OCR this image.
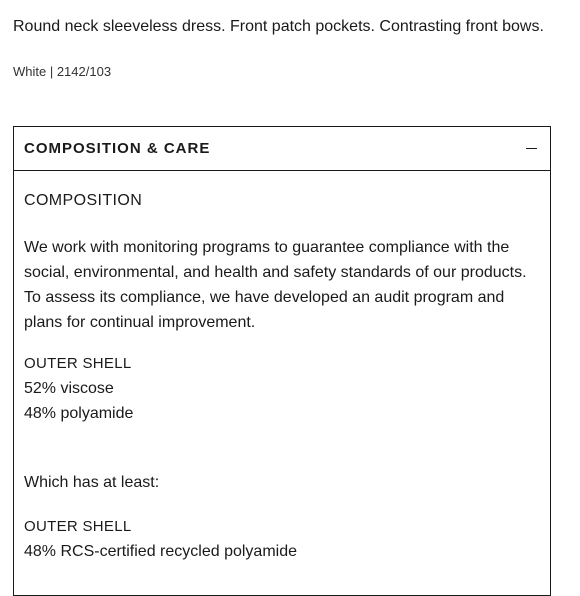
Round neck sleeveless dress. Front patch pockets. Contrasting front bows.
White | 2142/103
COMPOSITION & CARE
COMPOSITION
We work with monitoring programs to guarantee compliance with the social, environmental, and health and safety standards of our products. To assess its compliance, we have developed an audit program and plans for continual improvement.
OUTER SHELL
52% viscose
48% polyamide
Which has at least:
OUTER SHELL
48% RCS-certified recycled polyamide
